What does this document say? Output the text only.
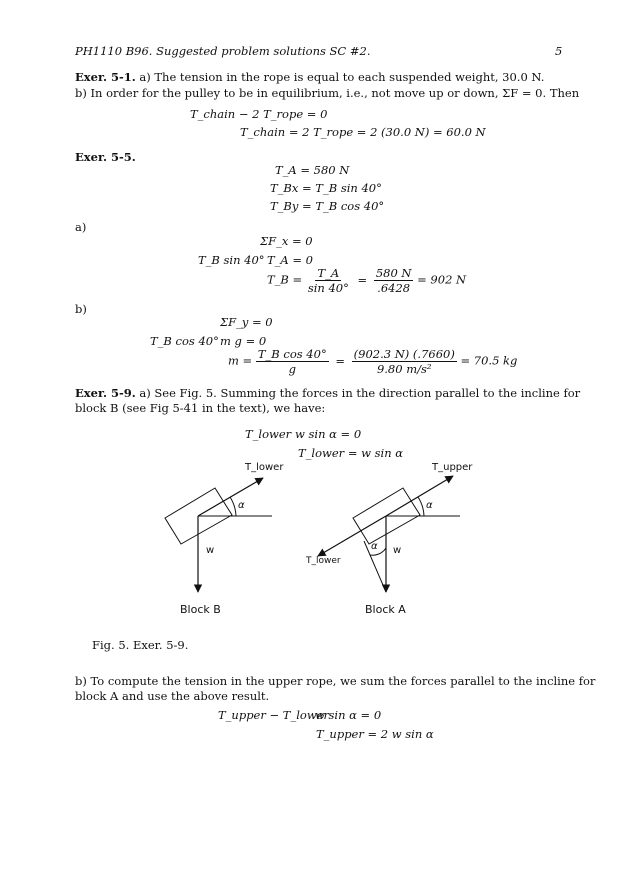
PH1110 B96. Suggested problem solutions SC #2.	5
Exer. 5-1. a) The tension in the rope is equal to each suspended weight, 30.0 N.
b) In order for the pulley to be in equilibrium, i.e., not move up or down, ΣF = 0. Then
T_chain − 2 T_rope = 0
T_chain = 2 T_rope = 2 (30.0 N) = 60.0 N
Exer. 5-5.
T_A = 580 N
T_Bx = T_B sin 40°
T_By = T_B cos 40°
a)
ΣF_x = 0
T_B sin 40° T_A = 0
T_B = $\frac{T\_A}{\sin 40^\circ} = \frac{580 N}{.6428} = 902$ N
b)
ΣF_y = 0
T_B cos 40° m g = 0
$m = \frac{\text{T\_B cos 40°}}{g} = \frac{(902.3 N) (.7660)}{\text{9.80 m/s²}} = 70.5$ kg
Exer. 5-9. a) See Fig. 5. Summing the forces in the direction parallel to the incline for
block B (see Fig 5-41 in the text), we have:
T_lower w sin α = 0
T_lower = w sin α
T_lower
α
w
Block B
T_upper
α
α w
T_lower
Block A
Fig. 5. Exer. 5-9.
b) To compute the tension in the upper rope, we sum the forces parallel to the incline for
block A and use the above result.
T_upper − T_lower
w sin α = 0
T_upper = 2 w sin α
